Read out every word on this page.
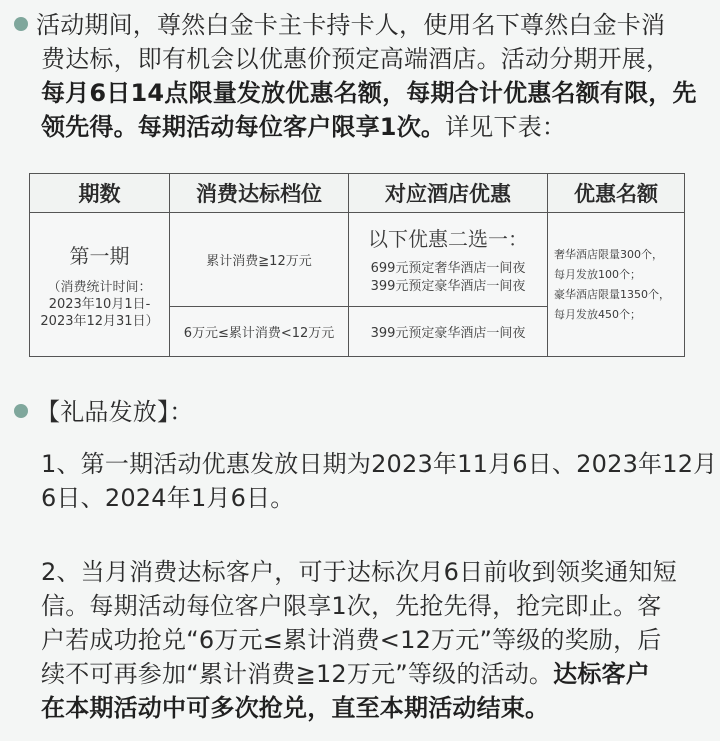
活动期间，尊然白金卡主卡持卡人，使用名下尊然白金卡消
费达标，即有机会以优惠价预定高端酒店。活动分期开展，
每月6日14点限量发放优惠名额，每期合计优惠名额有限，先
领先得。每期活动每位客户限享1次。详见下表：
期数	消费达标档位	对应酒店优惠	优惠名额

第一期
（消费统计时间：
2023年10月1日-
2023年12月31日）	累计消费≧12万元	以下优惠二选一：
699元预定奢华酒店一间夜
399元预定豪华酒店一间夜	奢华酒店限量300个，
每月发放100个；
豪华酒店限量1350个，
每月发放450个；

	6万元≤累计消费<12万元	399元预定豪华酒店一间夜	
【礼品发放】：
1、第一期活动优惠发放日期为2023年11月6日、2023年12月
6日、2024年1月6日。
2、当月消费达标客户，可于达标次月6日前收到领奖通知短
信。每期活动每位客户限享1次，先抢先得，抢完即止。客
户若成功抢兑“6万元≤累计消费<12万元”等级的奖励，后
续不可再参加“累计消费≧12万元”等级的活动。达标客户
在本期活动中可多次抢兑，直至本期活动结束。
